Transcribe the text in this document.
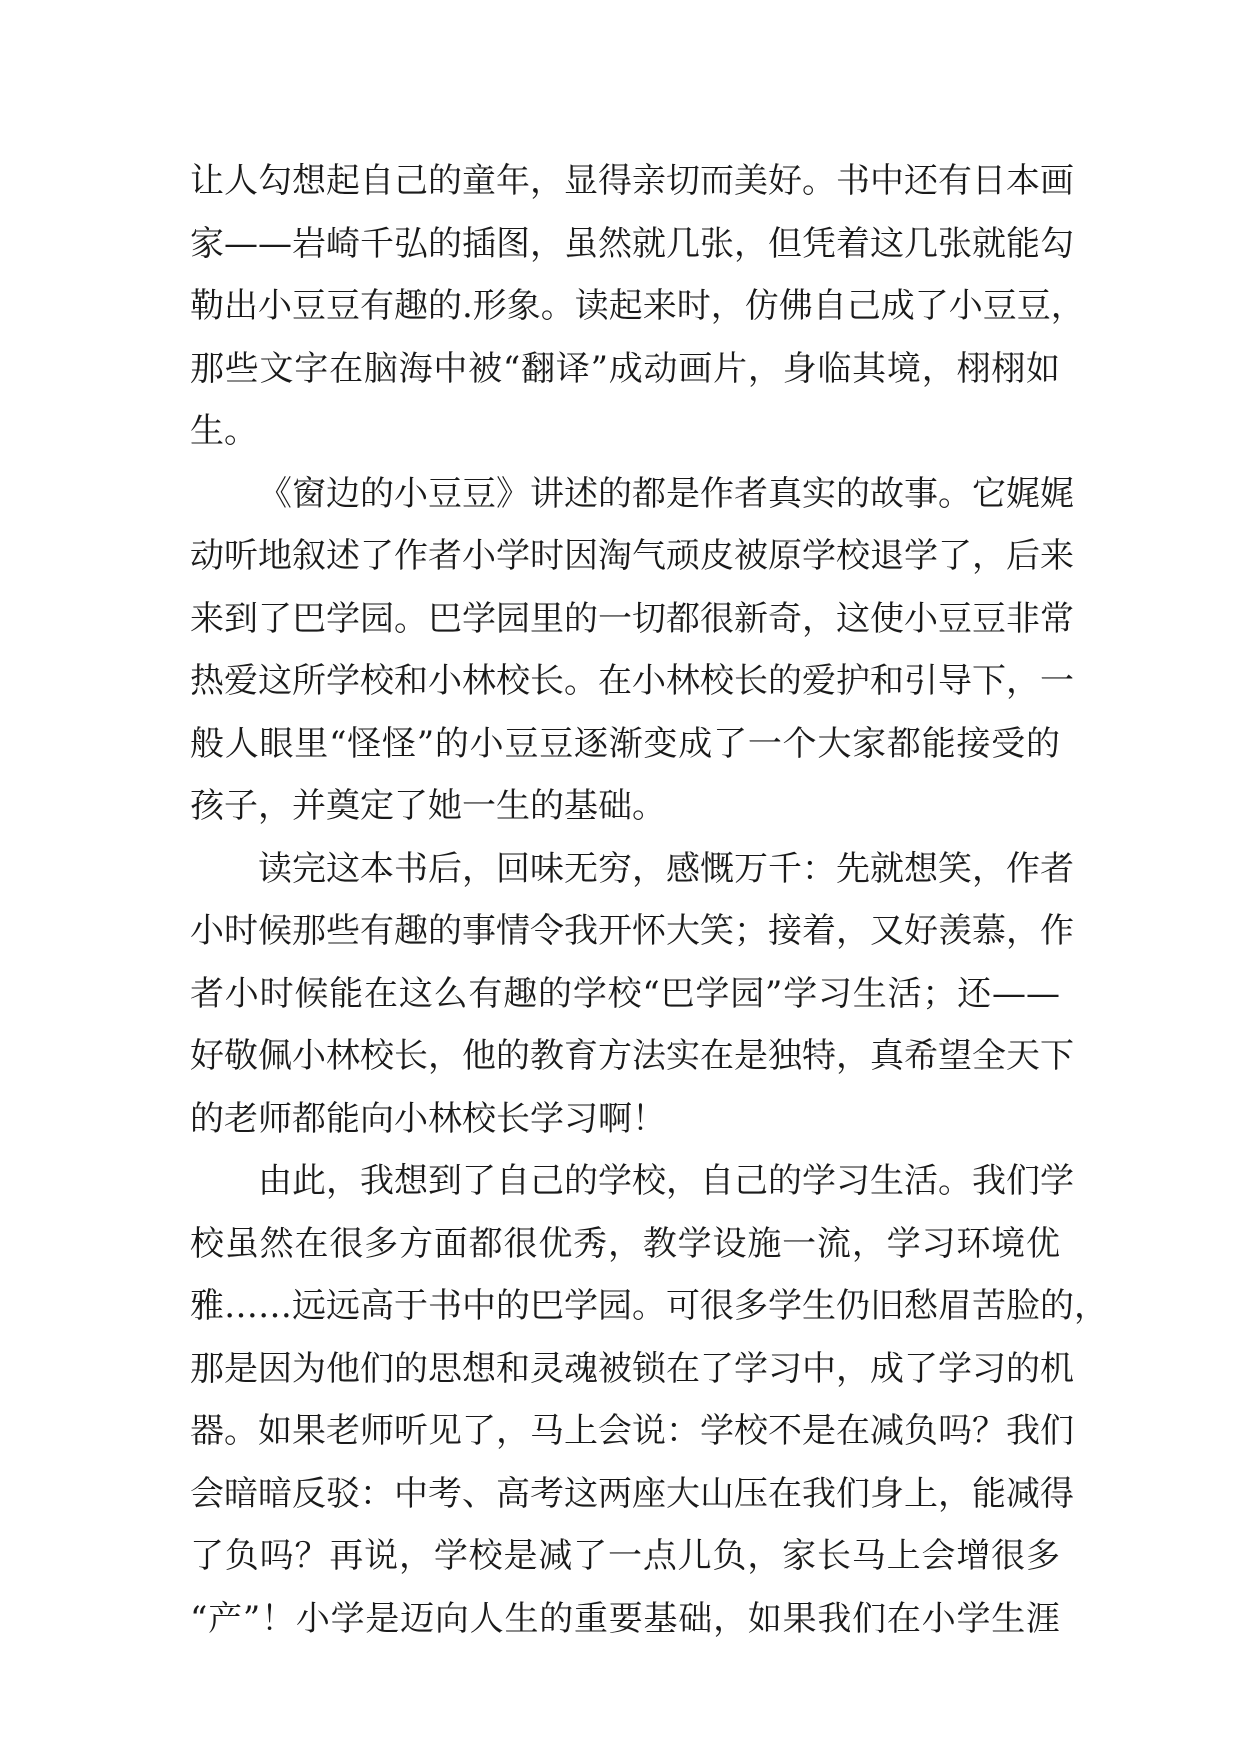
让人勾想起自己的童年，显得亲切而美好。书中还有日本画
家——岩崎千弘的插图，虽然就几张，但凭着这几张就能勾
勒出小豆豆有趣的.形象。读起来时，仿佛自己成了小豆豆，
那些文字在脑海中被“翻译”成动画片，身临其境，栩栩如
生。
《窗边的小豆豆》讲述的都是作者真实的故事。它娓娓
动听地叙述了作者小学时因淘气顽皮被原学校退学了，后来
来到了巴学园。巴学园里的一切都很新奇，这使小豆豆非常
热爱这所学校和小林校长。在小林校长的爱护和引导下，一
般人眼里“怪怪”的小豆豆逐渐变成了一个大家都能接受的
孩子，并奠定了她一生的基础。
读完这本书后，回味无穷，感慨万千：先就想笑，作者
小时候那些有趣的事情令我开怀大笑；接着，又好羡慕，作
者小时候能在这么有趣的学校“巴学园”学习生活；还——
好敬佩小林校长，他的教育方法实在是独特，真希望全天下
的老师都能向小林校长学习啊！
由此，我想到了自己的学校，自己的学习生活。我们学
校虽然在很多方面都很优秀，教学设施一流，学习环境优
雅……远远高于书中的巴学园。可很多学生仍旧愁眉苦脸的，
那是因为他们的思想和灵魂被锁在了学习中，成了学习的机
器。如果老师听见了，马上会说：学校不是在减负吗？我们
会暗暗反驳：中考、高考这两座大山压在我们身上，能减得
了负吗？再说，学校是减了一点儿负，家长马上会增很多
“产”！小学是迈向人生的重要基础，如果我们在小学生涯
